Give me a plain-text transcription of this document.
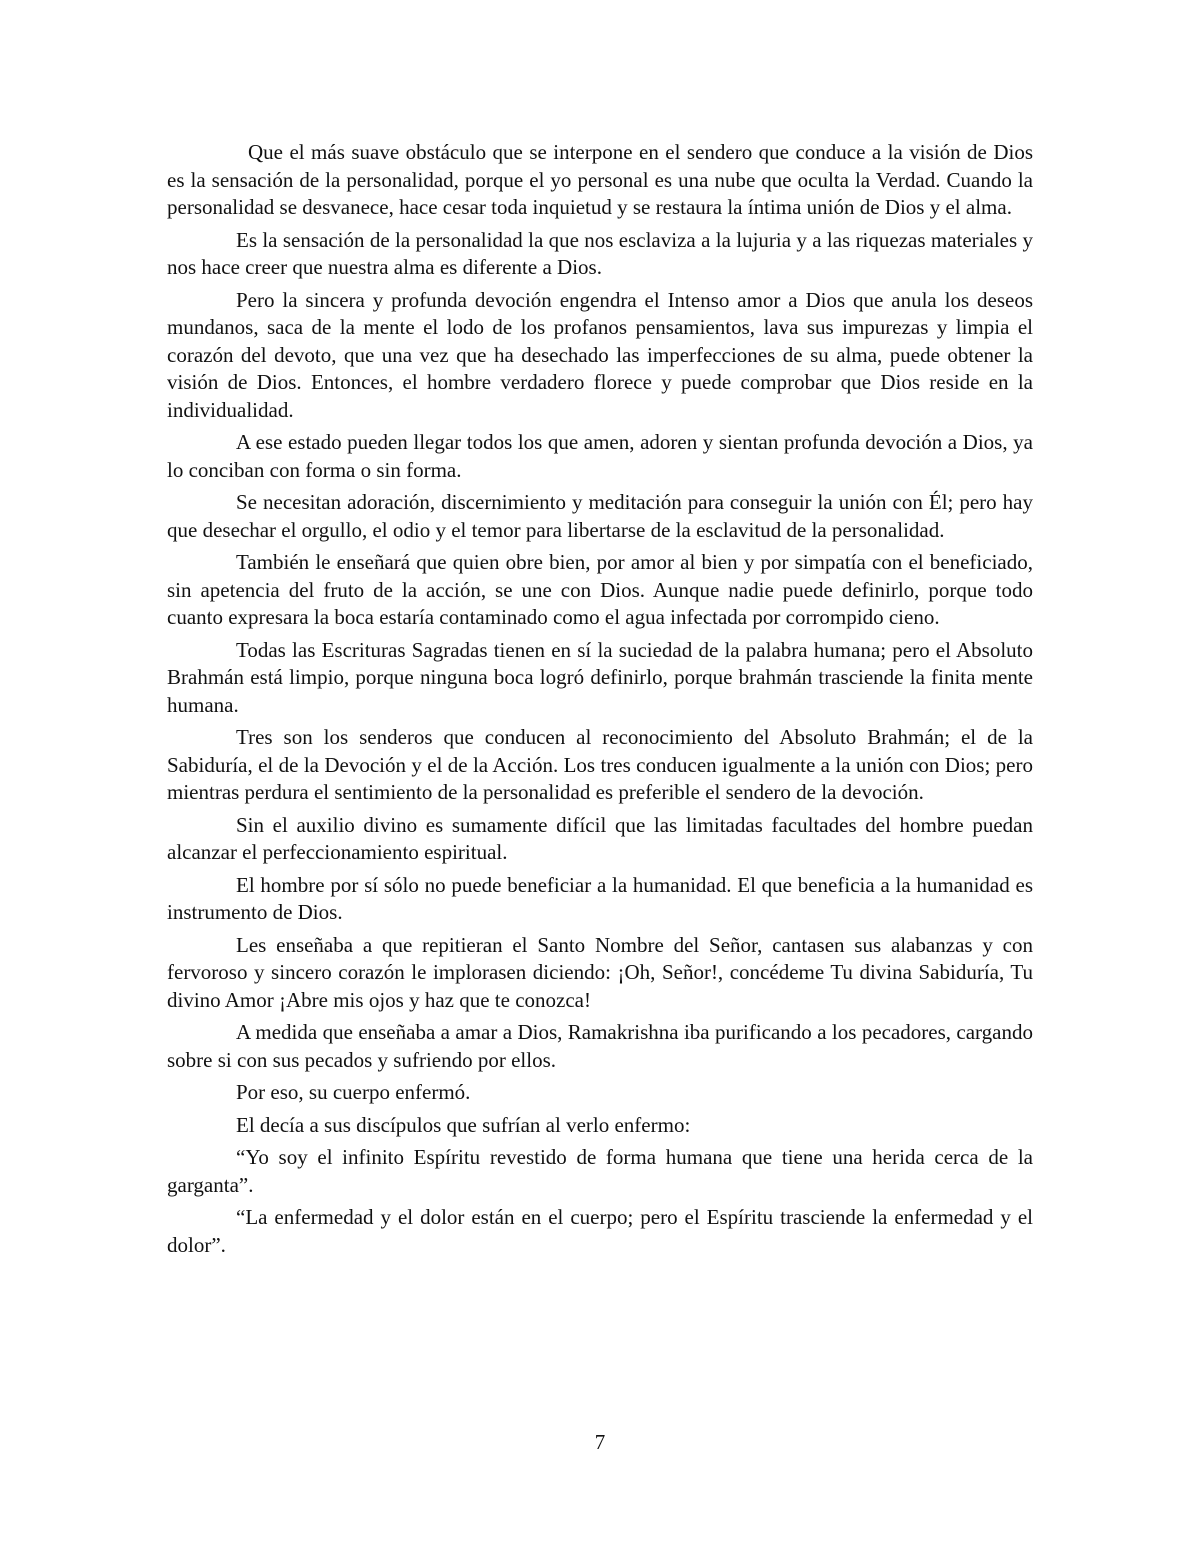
Que el más suave obstáculo que se interpone en el sendero que conduce a la visión de Dios es la sensación de la personalidad, porque el yo personal es una nube que oculta la Verdad. Cuando la personalidad se desvanece, hace cesar toda inquietud y se restaura la íntima unión de Dios y el alma.

Es la sensación de la personalidad la que nos esclaviza a la lujuria y a las riquezas materiales y nos hace creer que nuestra alma es diferente a Dios.

Pero la sincera y profunda devoción engendra el Intenso amor a Dios que anula los deseos mundanos, saca de la mente el lodo de los profanos pensamientos, lava sus impurezas y limpia el corazón del devoto, que una vez que ha desechado las imperfecciones de su alma, puede obtener la visión de Dios. Entonces, el hombre verdadero florece y puede comprobar que Dios reside en la individualidad.

A ese estado pueden llegar todos los que amen, adoren y sientan profunda devoción a Dios, ya lo conciban con forma o sin forma.

Se necesitan adoración, discernimiento y meditación para conseguir la unión con Él; pero hay que desechar el orgullo, el odio y el temor para libertarse de la esclavitud de la personalidad.

También le enseñará que quien obre bien, por amor al bien y por simpatía con el beneficiado, sin apetencia del fruto de la acción, se une con Dios. Aunque nadie puede definirlo, porque todo cuanto expresara la boca estaría contaminado como el agua infectada por corrompido cieno.

Todas las Escrituras Sagradas tienen en sí la suciedad de la palabra humana; pero el Absoluto Brahmán está limpio, porque ninguna boca logró definirlo, porque brahmán trasciende la finita mente humana.

Tres son los senderos que conducen al reconocimiento del Absoluto Brahmán; el de la Sabiduría, el de la Devoción y el de la Acción. Los tres conducen igualmente a la unión con Dios; pero mientras perdura el sentimiento de la personalidad es preferible el sendero de la devoción.

Sin el auxilio divino es sumamente difícil que las limitadas facultades del hombre puedan alcanzar el perfeccionamiento espiritual.

El hombre por sí sólo no puede beneficiar a la humanidad. El que beneficia a la humanidad es instrumento de Dios.

Les enseñaba a que repitieran el Santo Nombre del Señor, cantasen sus alabanzas y con fervoroso y sincero corazón le implorasen diciendo: ¡Oh, Señor!, concédeme Tu divina Sabiduría, Tu divino Amor ¡Abre mis ojos y haz que te conozca!

A medida que enseñaba a amar a Dios, Ramakrishna iba purificando a los pecadores, cargando sobre si con sus pecados y sufriendo por ellos.

Por eso, su cuerpo enfermó.

El decía a sus discípulos que sufrían al verlo enfermo:

“Yo soy el infinito Espíritu revestido de forma humana que tiene una herida cerca de la garganta”.

“La enfermedad y el dolor están en el cuerpo; pero el Espíritu trasciende la enfermedad y el dolor”.

7
